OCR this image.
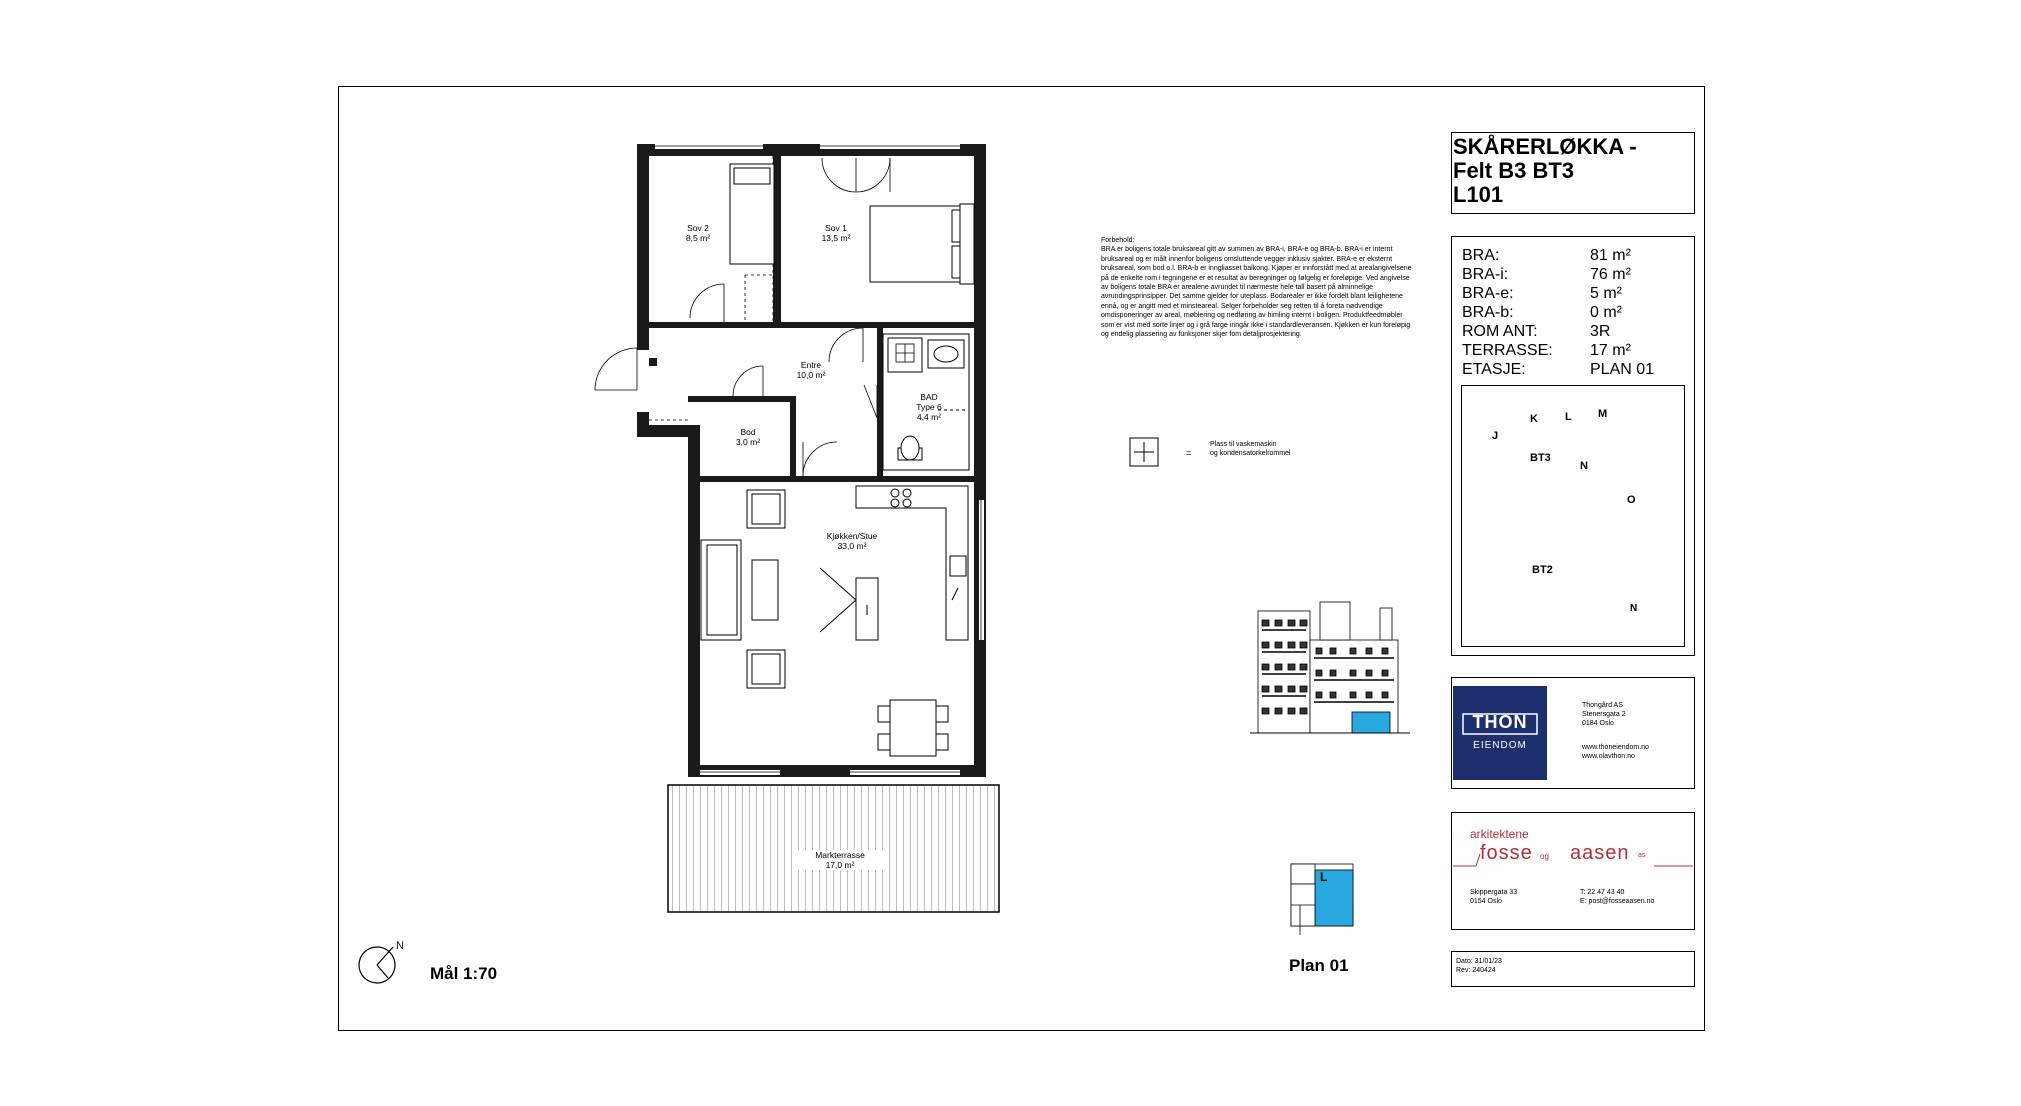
Sov 2
8,5 m²
Sov 1
13,5 m²
Entre
10,0 m²

BAD
Type 6
4,4 m²

Bod
3,0 m²
Kjøkken/Stue
33,0 m²
Markterrasse
17,0 m²
Forbehold:
BRA er boligens totale bruksareal gitt av summen av BRA-i, BRA-e og BRA-b. BRA-i er internt bruksareal og er målt innenfor boligens omsluttende vegger inklusiv sjakter. BRA-e er eksternt bruksareal, som bod o.l. BRA-b er inngliasset balkong. Kjøper er innforstått med at arealangivelsene på de enkelte rom i tegningene er et resultat av beregninger og følgelig er foreløpige. Ved angivelse av boligens totale BRA er arealene avrundet til nærmeste hele tall basert på alminnelige avrundingsprinsipper. Det samme gjelder for uteplass. Bodarealer er ikke fordelt blant leilighetene ennå, og er angitt med et minsteareal. Selger forbeholder seg retten til å foreta nødvendige omdisponeringer av areal, møblering og nedføring av himling internt i boligen. Produktfeedmøbler som er vist med sorte linjer og i grå farge inngår ikke i standardleveransen. Kjøkken er kun foreløpig og endelig plassering av funksjoner skjer fom detaljprosjektering.
=
Plass til vaskemaskin
og kondensatorkelrommel
N
Mål 1:70	Plan 01
L
SKÅRERLØKKA -
Felt B3 BT3
L101
BRA:	81 m²
BRA-i:	76 m²
BRA-e:	5 m²
BRA-b:	0 m²
ROM ANT:	3R
TERRASSE: 17 m²
ETASJE:	PLAN 01
J
K L M
N
O
BT3
BT2
N
THON
EIENDOM
Thongård AS
Stenersgata 2
0184 Oslo
www.thoneiendom.no
www.olavthon.no
arkitektene
fosse og aasen as
Skippergata 33
0154 Oslo
T: 22 47 43 40
E: post@fosseaasen.no
Dato: 31/01/23
Rev: 240424
